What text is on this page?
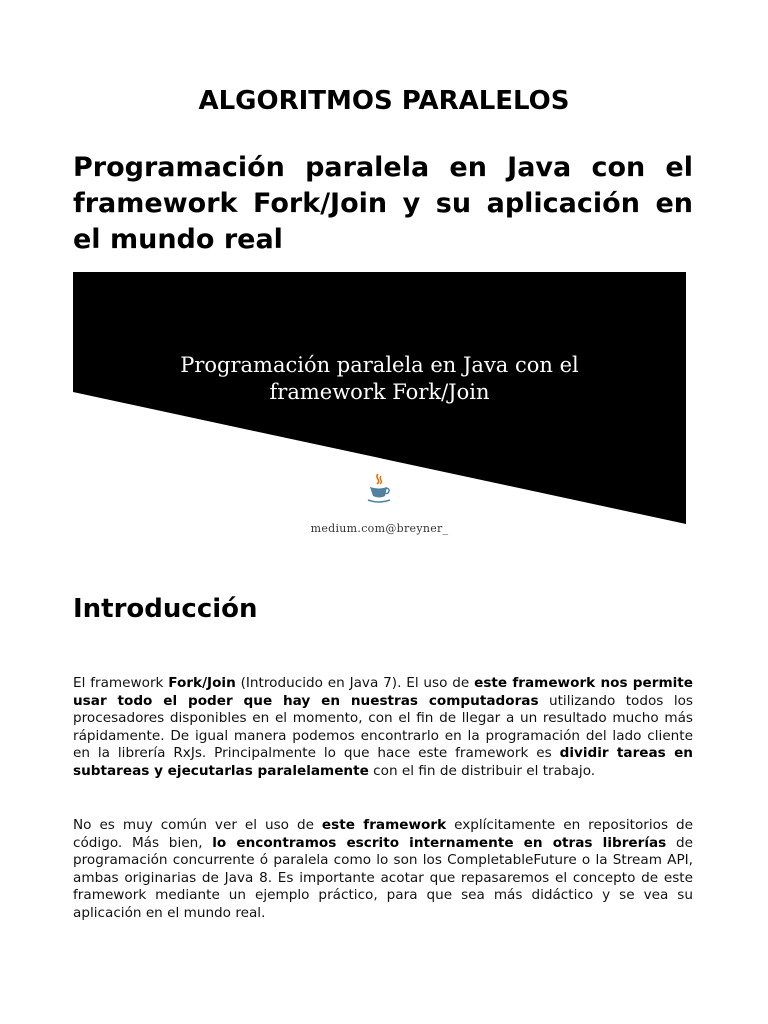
ALGORITMOS PARALELOS
Programación paralela en Java con el framework Fork/Join y su aplicación en el mundo real
Programación paralela en Java con el
framework Fork/Join
medium.com@breyner_
Introducción

El framework Fork/Join (Introducido en Java 7). El uso de este framework nos permite usar todo el poder que hay en nuestras computadoras utilizando todos los procesadores disponibles en el momento, con el fin de llegar a un resultado mucho más rápidamente. De igual manera podemos encontrarlo en la programación del lado cliente en la librería RxJs. Principalmente lo que hace este framework es dividir tareas en subtareas y ejecutarlas paralelamente con el fin de distribuir el trabajo.

No es muy común ver el uso de este framework explícitamente en repositorios de código. Más bien, lo encontramos escrito internamente en otras librerías de programación concurrente ó paralela como lo son los CompletableFuture o la Stream API, ambas originarias de Java 8. Es importante acotar que repasaremos el concepto de este framework mediante un ejemplo práctico, para que sea más didáctico y se vea su aplicación en el mundo real.
